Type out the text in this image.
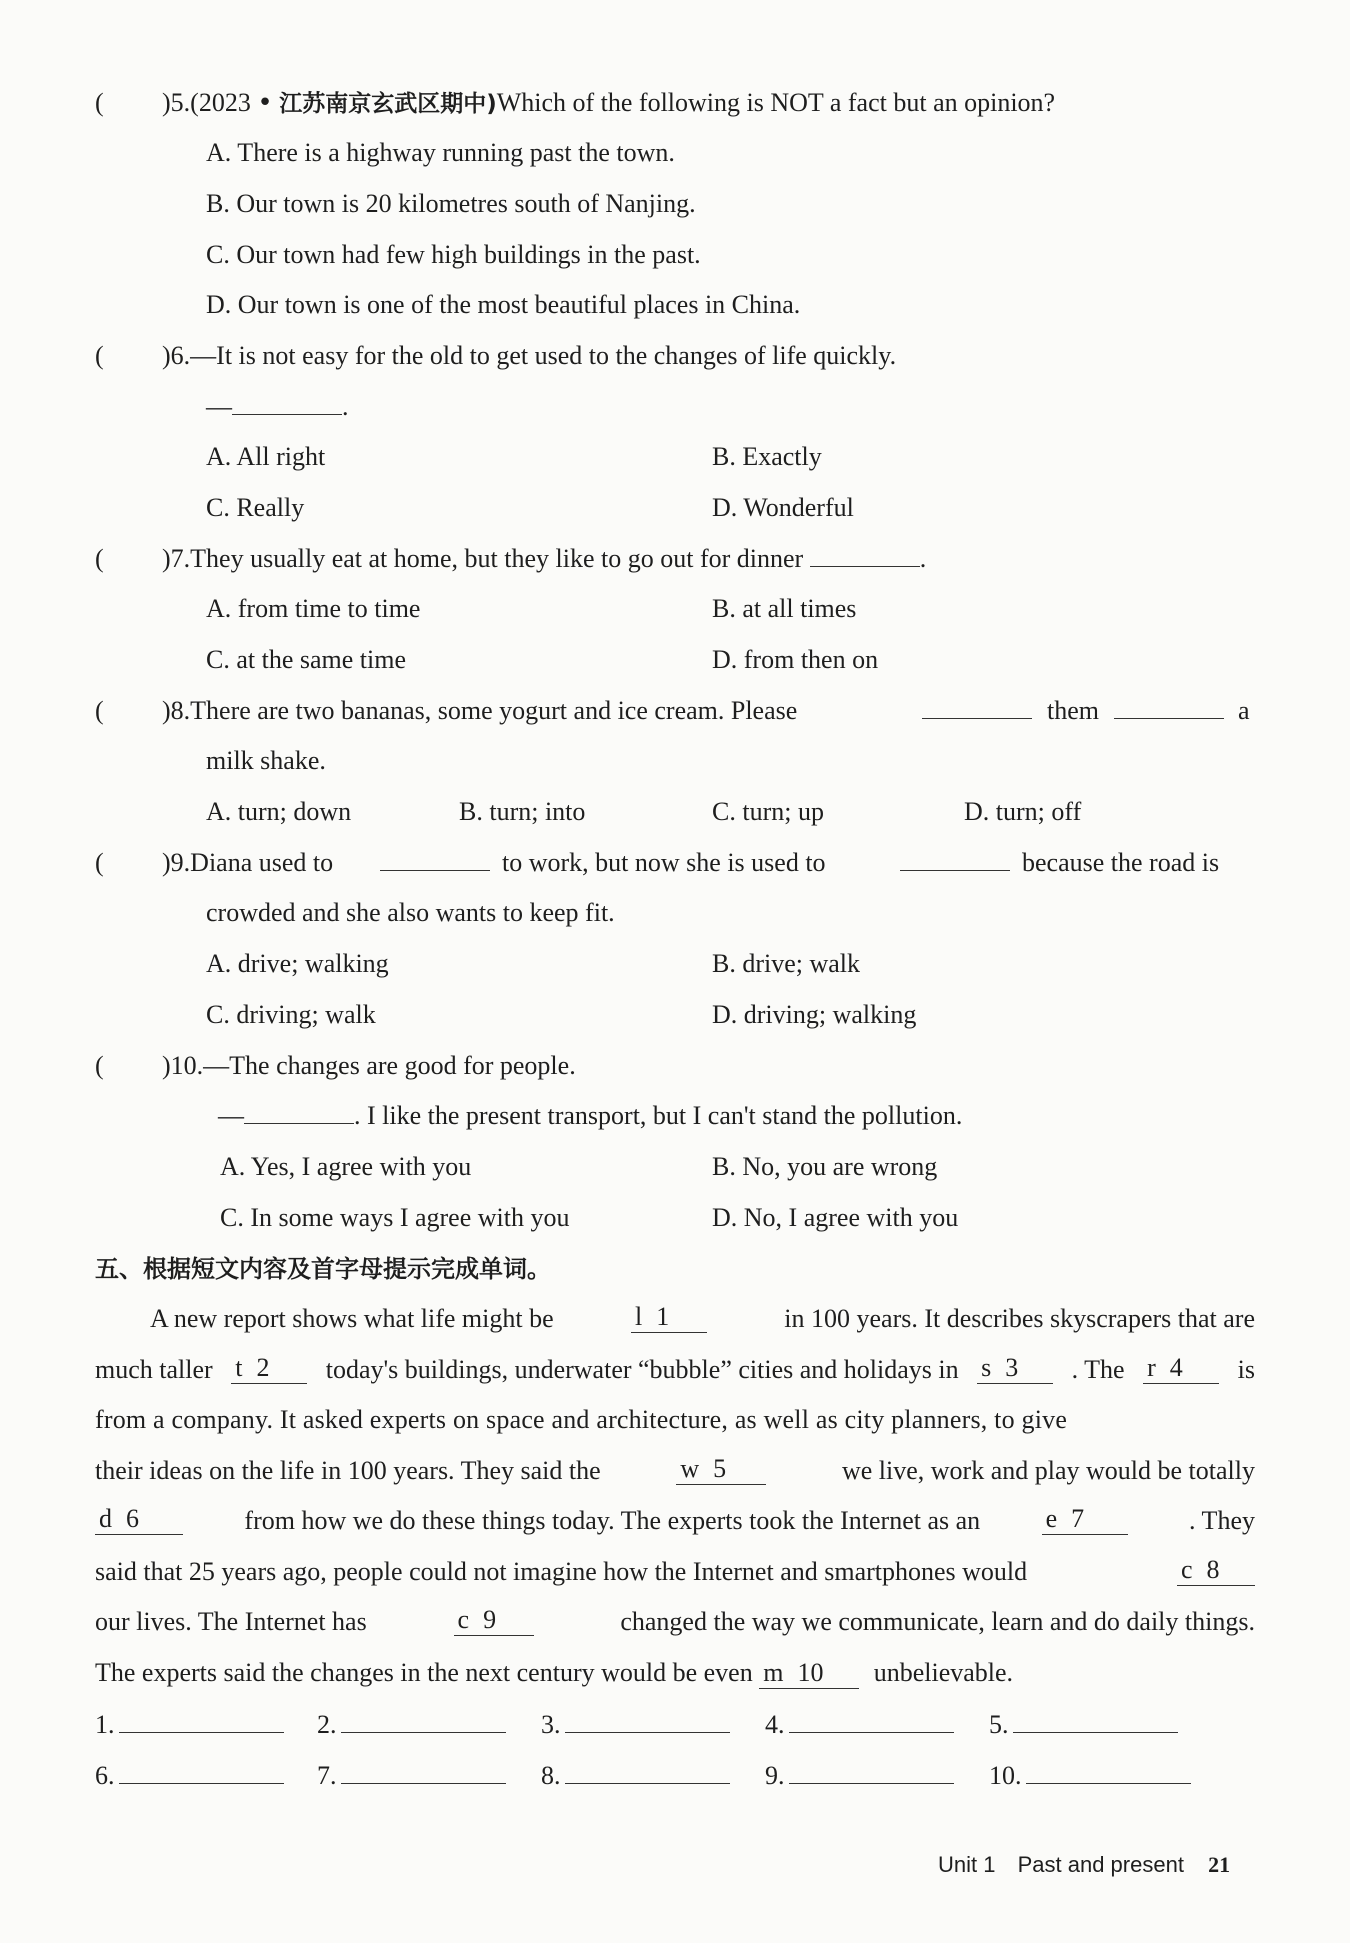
( )5.(2023 • 江苏南京玄武区期中)Which of the following is NOT a fact but an opinion?
A. There is a highway running past the town.
B. Our town is 20 kilometres south of Nanjing.
C. Our town had few high buildings in the past.
D. Our town is one of the most beautiful places in China.
( )6.—It is not easy for the old to get used to the changes of life quickly.
—	.
A. All right	B. Exactly
C. Really	D. Wonderful
( )7.They usually eat at home, but they like to go out for dinner	.
A. from time to time	B. at all times
C. at the same time	D. from then on
( )8.There are two bananas, some yogurt and ice cream. Please	them	a
milk shake.
A. turn; down	B. turn; into	C. turn; up	D. turn; off
( )9.Diana used to	to work, but now she is used to	because the road is
crowded and she also wants to keep fit.
A. drive; walking	B. drive; walk
C. driving; walk	D. driving; walking
( )10.—The changes are good for people.
—	. I like the present transport, but I can't stand the pollution.
A. Yes, I agree with you	B. No, you are wrong
C. In some ways I agree with you	D. No, I agree with you
五、根据短文内容及首字母提示完成单词。
A new report shows what life might be	l 1	in 100 years. It describes skyscrapers that are
much taller t 2	today's buildings, underwater “bubble” cities and holidays in s 3	. The r 4	is
from a company. It asked experts on space and architecture, as well as city planners, to give
their ideas on the life in 100 years. They said the	w 5	we live, work and play would be totally
d 6	from how we do these things today. The experts took the Internet as an	e 7	. They
said that 25 years ago, people could not imagine how the Internet and smartphones would	c 8
our lives. The Internet has	c 9	changed the way we communicate, learn and do daily things.
The experts said the changes in the next century would be even m 10 unbelievable.
1.	2.	3.	4.	5.
6.	7.	8.	9.	10.
Unit 1 Past and present 21
